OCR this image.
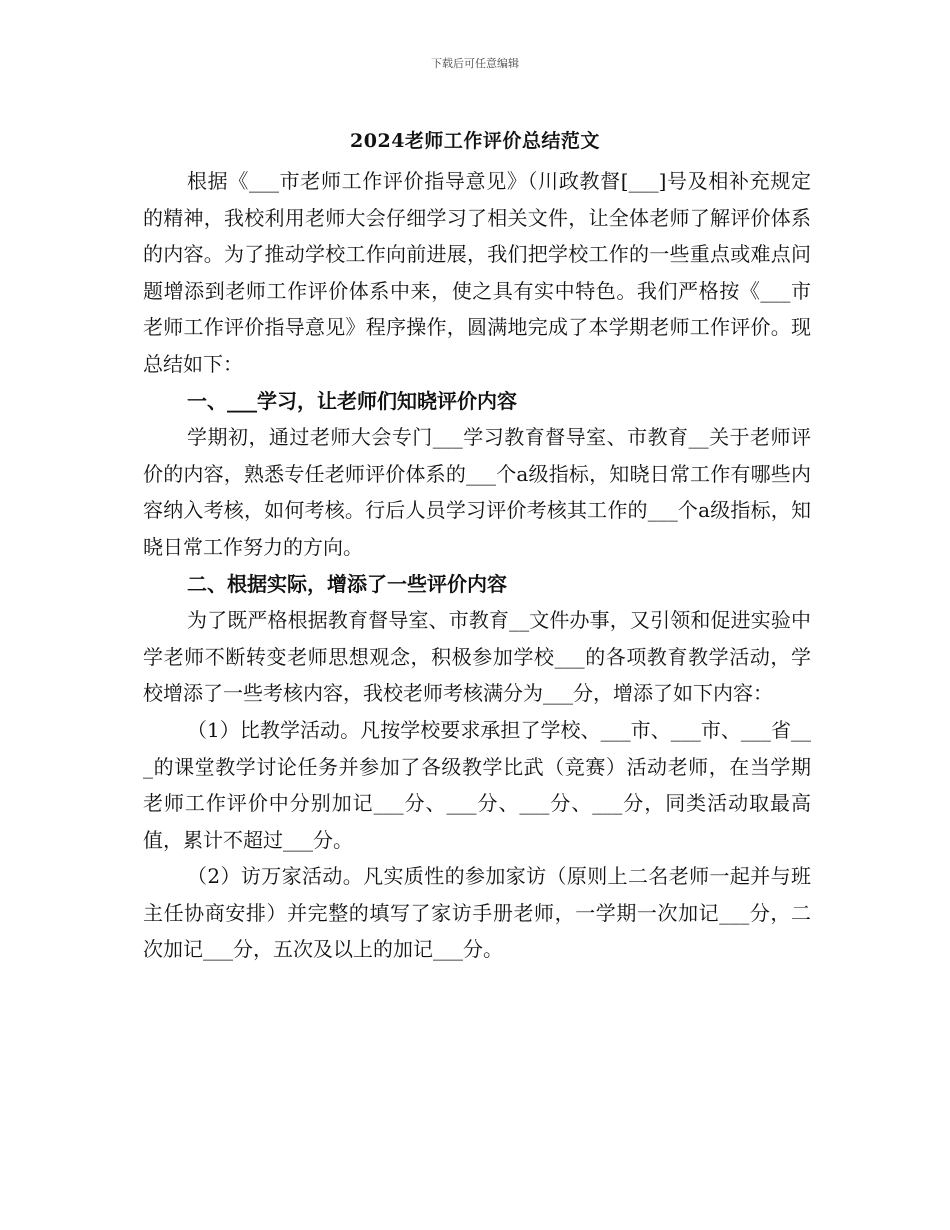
下载后可任意编辑
2024老师工作评价总结范文

根据《___市老师工作评价指导意见》（川政教督[___]号及相补充规定的精神，我校利用老师大会仔细学习了相关文件，让全体老师了解评价体系的内容。为了推动学校工作向前进展，我们把学校工作的一些重点或难点问题增添到老师工作评价体系中来，使之具有实中特色。我们严格按《___市老师工作评价指导意见》程序操作，圆满地完成了本学期老师工作评价。现总结如下：

一、___学习，让老师们知晓评价内容

学期初，通过老师大会专门___学习教育督导室、市教育__关于老师评价的内容，熟悉专任老师评价体系的___个a级指标，知晓日常工作有哪些内容纳入考核，如何考核。行后人员学习评价考核其工作的___个a级指标，知晓日常工作努力的方向。

二、根据实际，增添了一些评价内容

为了既严格根据教育督导室、市教育__文件办事，又引领和促进实验中学老师不断转变老师思想观念，积极参加学校___的各项教育教学活动，学校增添了一些考核内容，我校老师考核满分为___分，增添了如下内容：

（1）比教学活动。凡按学校要求承担了学校、___市、___市、___省___的课堂教学讨论任务并参加了各级教学比武（竞赛）活动老师，在当学期老师工作评价中分别加记___分、___分、___分、___分，同类活动取最高值，累计不超过___分。

（2）访万家活动。凡实质性的参加家访（原则上二名老师一起并与班主任协商安排）并完整的填写了家访手册老师，一学期一次加记___分，二次加记___分，五次及以上的加记___分。
